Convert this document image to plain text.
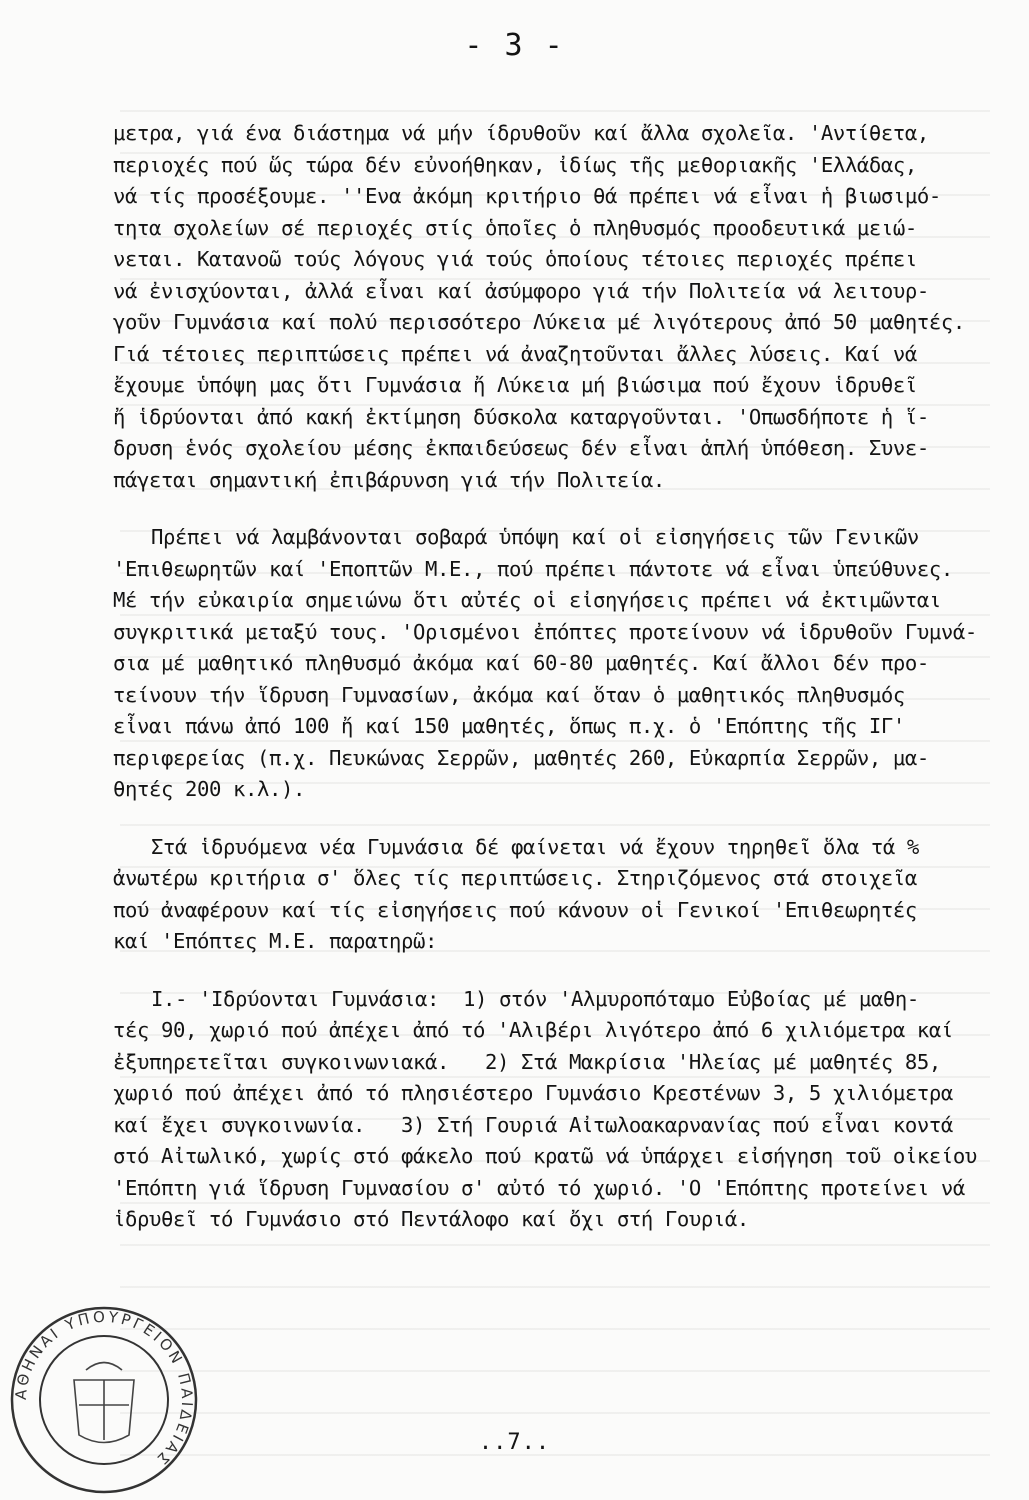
- 3 -
μετρα, γιά ένα διάστημα νά μήν ίδρυθοῦν καί ἄλλα σχολεῖα. 'Αντίθετα,
περιοχές πού ὥς τώρα δέν εὐνοήθηκαν, ἰδίως τῆς μεθοριακῆς 'Ελλάδας,
νά τίς προσέξουμε. ''Ενα ἀκόμη κριτήριο θά πρέπει νά εἶναι ἡ βιωσιμό-
τητα σχολείων σέ περιοχές στίς ὁποῖες ὁ πληθυσμός προοδευτικά μειώ-
νεται. Κατανοῶ τούς λόγους γιά τούς ὁποίους τέτοιες περιοχές πρέπει
νά ἐνισχύονται, ἀλλά εἶναι καί ἀσύμφορο γιά τήν Πολιτεία νά λειτουρ-
γοῦν Γυμνάσια καί πολύ περισσότερο Λύκεια μέ λιγότερους ἀπό 50 μαθητές.
Γιά τέτοιες περιπτώσεις πρέπει νά ἀναζητοῦνται ἄλλες λύσεις. Καί νά
ἔχουμε ὑπόψη μας ὅτι Γυμνάσια ἤ Λύκεια μή βιώσιμα πού ἔχουν ἱδρυθεῖ
ἤ ἱδρύονται ἀπό κακή ἐκτίμηση δύσκολα καταργοῦνται. 'Οπωσδήποτε ἡ ἵ-
δρυση ἑνός σχολείου μέσης ἐκπαιδεύσεως δέν εἶναι ἁπλή ὑπόθεση. Συνε-
πάγεται σημαντική ἐπιβάρυνση γιά τήν Πολιτεία.
Πρέπει νά λαμβάνονται σοβαρά ὑπόψη καί οἱ εἰσηγήσεις τῶν Γενικῶν
'Επιθεωρητῶν καί 'Εποπτῶν Μ.Ε., πού πρέπει πάντοτε νά εἶναι ὑπεύθυνες.
Μέ τήν εὐκαιρία σημειώνω ὅτι αὐτές οἱ εἰσηγήσεις πρέπει νά ἐκτιμῶνται
συγκριτικά μεταξύ τους. 'Ορισμένοι ἐπόπτες προτείνουν νά ἱδρυθοῦν Γυμνά-
σια μέ μαθητικό πληθυσμό ἀκόμα καί 60-80 μαθητές. Καί ἄλλοι δέν προ-
τείνουν τήν ἵδρυση Γυμνασίων, ἀκόμα καί ὅταν ὁ μαθητικός πληθυσμός
εἶναι πάνω ἀπό 100 ἤ καί 150 μαθητές, ὅπως π.χ. ὁ 'Επόπτης τῆς ΙΓ'
περιφερείας (π.χ. Πευκώνας Σερρῶν, μαθητές 260, Εὐκαρπία Σερρῶν, μα-
θητές 200 κ.λ.).
Στά ἱδρυόμενα νέα Γυμνάσια δέ φαίνεται νά ἔχουν τηρηθεῖ ὅλα τά %
ἀνωτέρω κριτήρια σ' ὅλες τίς περιπτώσεις. Στηριζόμενος στά στοιχεῖα
πού ἀναφέρουν καί τίς εἰσηγήσεις πού κάνουν οἱ Γενικοί 'Επιθεωρητές
καί 'Επόπτες Μ.Ε. παρατηρῶ:
Ι.- 'Ιδρύονται Γυμνάσια:  1) στόν 'Αλμυροπόταμο Εὐβοίας μέ μαθη-
τές 90, χωριό πού ἀπέχει ἀπό τό 'Αλιβέρι λιγότερο ἀπό 6 χιλιόμετρα καί
ἐξυπηρετεῖται συγκοινωνιακά.   2) Στά Μακρίσια 'Ηλείας μέ μαθητές 85,
χωριό πού ἀπέχει ἀπό τό πλησιέστερο Γυμνάσιο Κρεστένων 3, 5 χιλιόμετρα
καί ἔχει συγκοινωνία.   3) Στή Γουριά Αἰτωλοακαρνανίας πού εἶναι κοντά
στό Αἰτωλικό, χωρίς στό φάκελο πού κρατῶ νά ὑπάρχει εἰσήγηση τοῦ οἰκείου
'Επόπτη γιά ἵδρυση Γυμνασίου σ' αὐτό τό χωριό. 'Ο 'Επόπτης προτείνει νά
ἱδρυθεῖ τό Γυμνάσιο στό Πεντάλοφο καί ὄχι στή Γουριά.
..7..
ΑΘΗΝΑΙ ΥΠΟΥΡΓΕΙΟΝ ΠΑΙΔΕΙΑΣ
